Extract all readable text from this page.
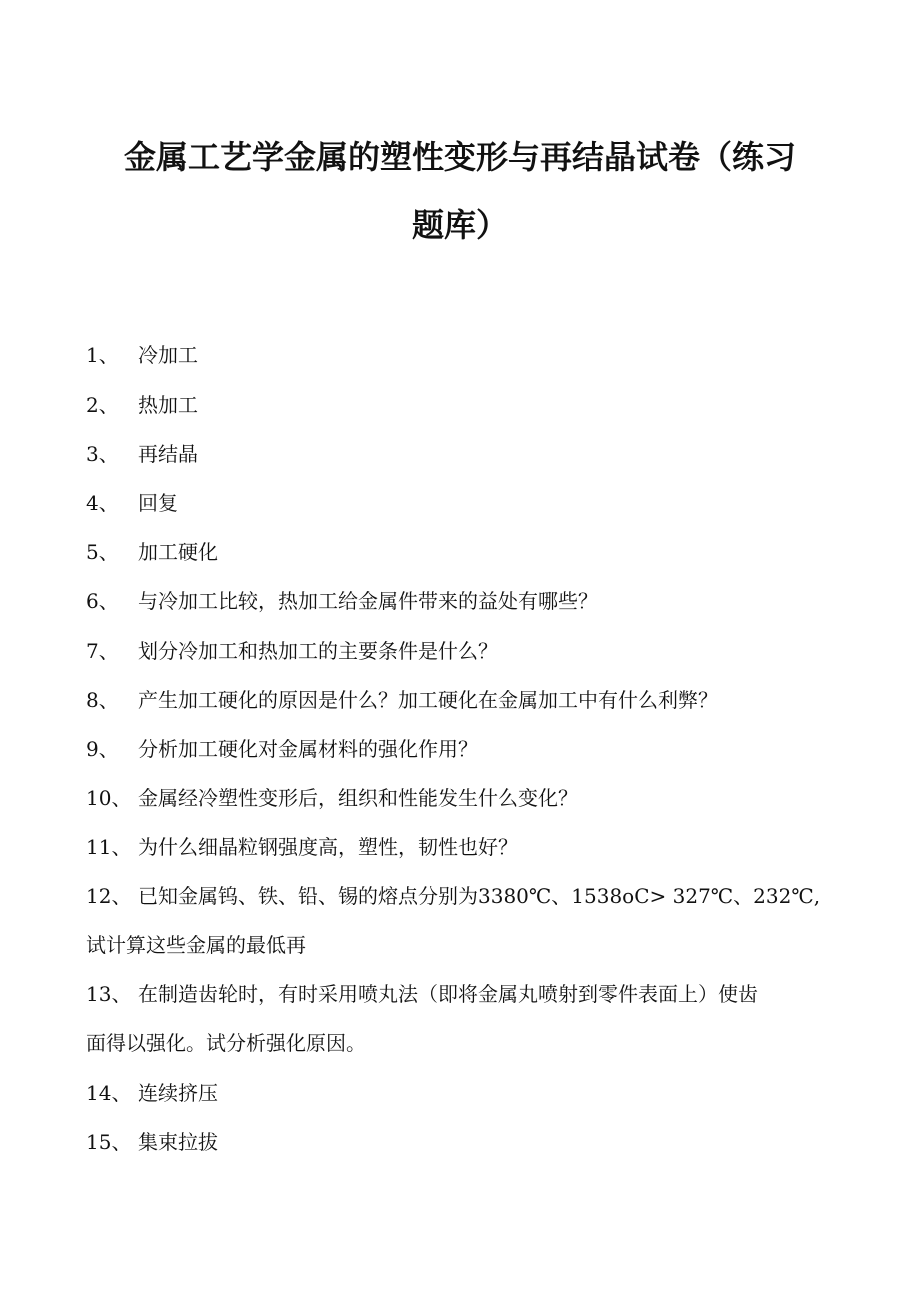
金属工艺学金属的塑性变形与再结晶试卷（练习
题库）
1、 冷加工
2、 热加工
3、 再结晶
4、 回复
5、 加工硬化
6、 与冷加工比较，热加工给金属件带来的益处有哪些？
7、 划分冷加工和热加工的主要条件是什么？
8、 产生加工硬化的原因是什么？加工硬化在金属加工中有什么利弊？
9、 分析加工硬化对金属材料的强化作用？
10、 金属经冷塑性变形后，组织和性能发生什么变化？
11、 为什么细晶粒钢强度高，塑性，韧性也好？
12、 已知金属钨、铁、铅、锡的熔点分别为3380℃、1538oC> 327℃、232℃,
试计算这些金属的最低再
13、 在制造齿轮时，有时采用喷丸法（即将金属丸喷射到零件表面上）使齿
面得以强化。试分析强化原因。
14、 连续挤压
15、 集束拉拔
